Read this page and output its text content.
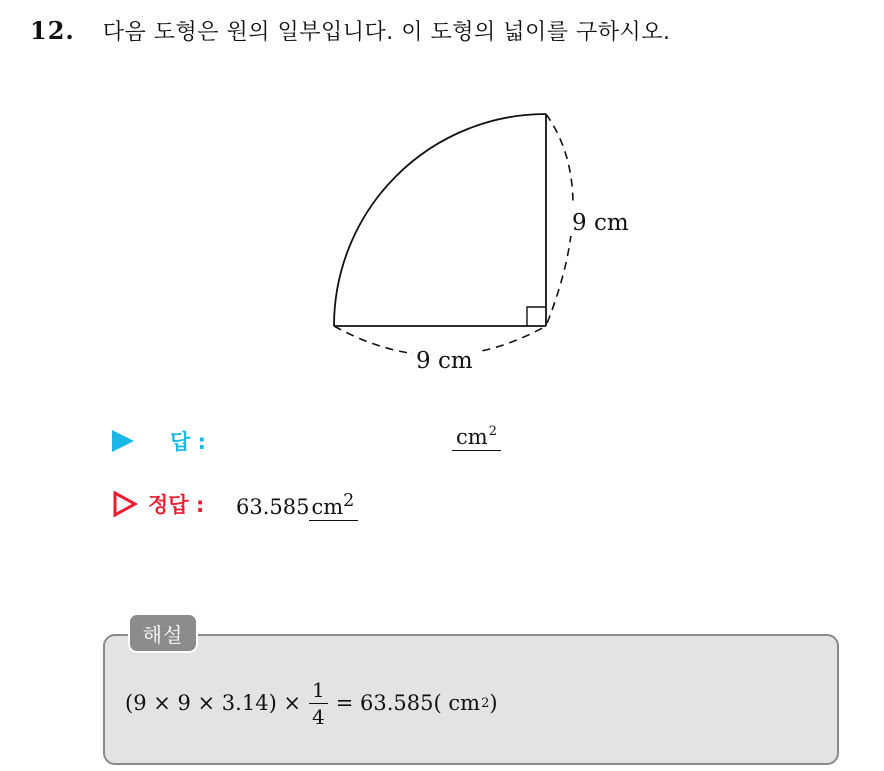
12. 다음 도형은 원의 일부입니다. 이 도형의 넓이를 구하시오.
9 cm
9 cm
답 :	$cm^2$
정답 : $63.585cm^2$
해설
$(9 \times 9 \times 3.14) \times \frac{1}{4} = 63.585$( cm 2 )
